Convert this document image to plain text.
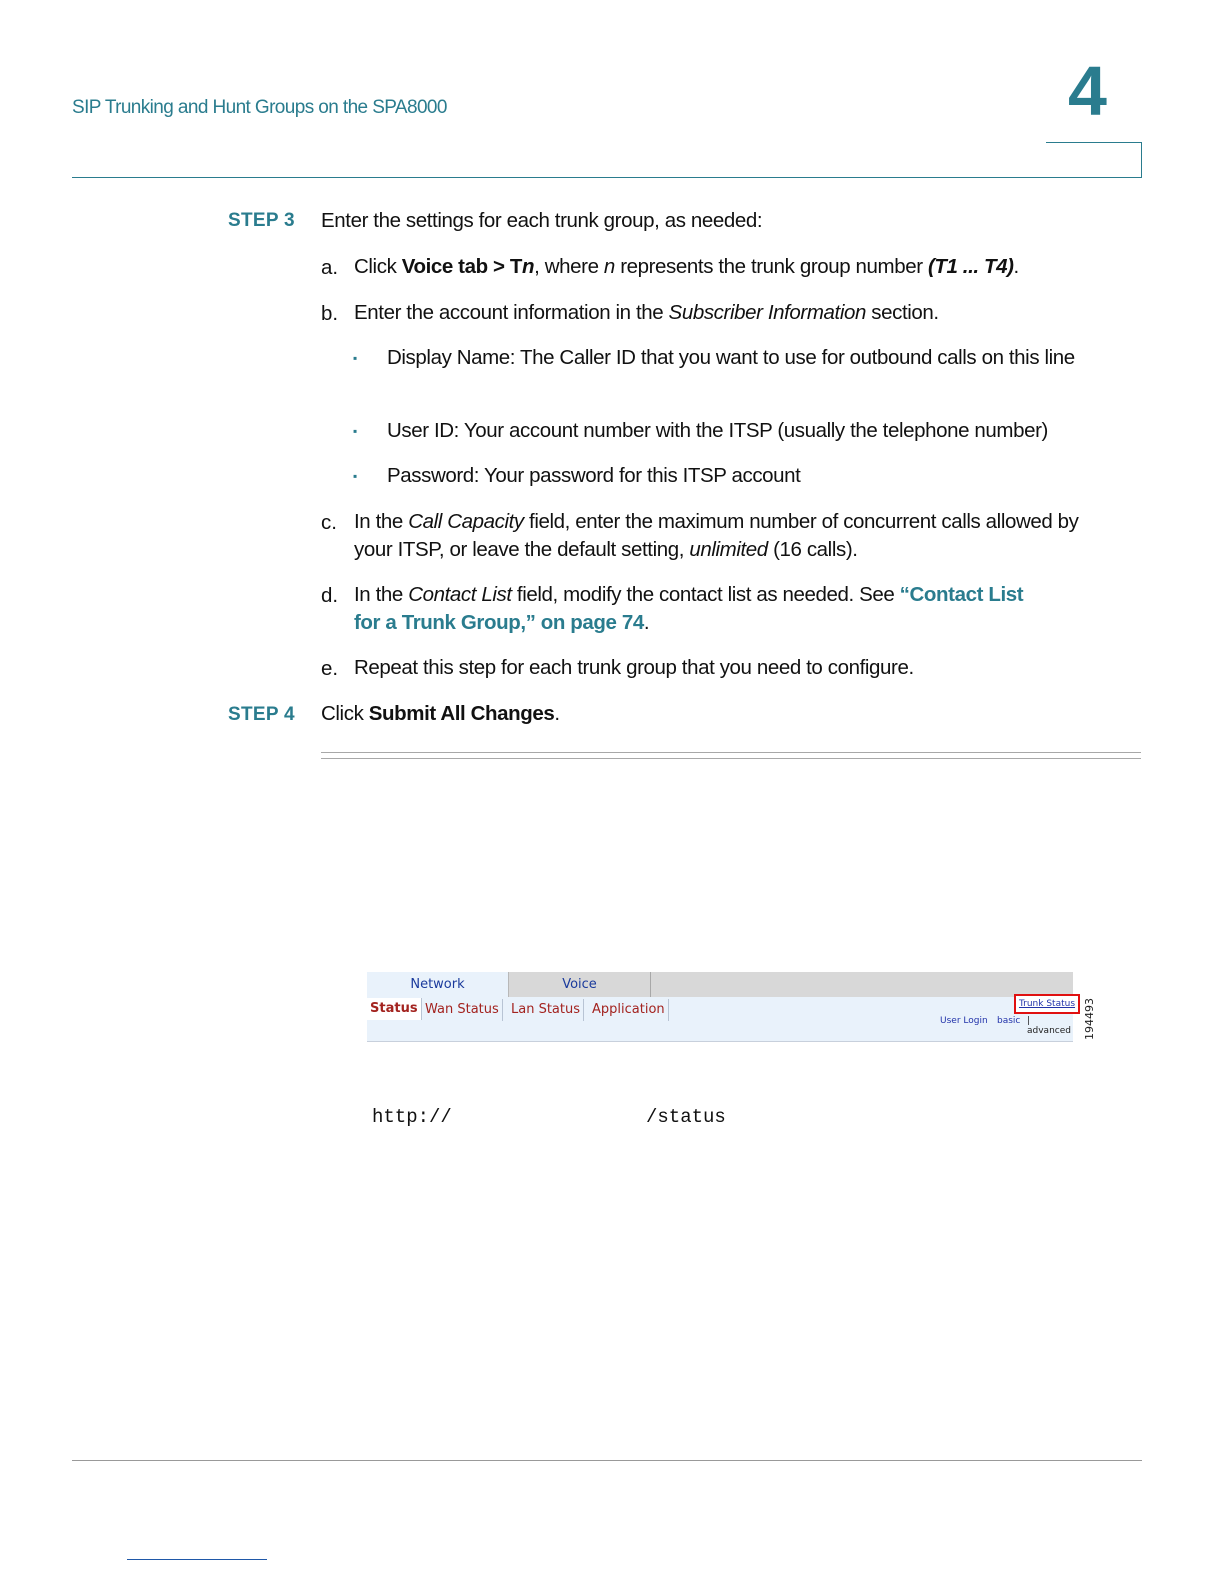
SIP Trunking and Hunt Groups on the SPA8000	4
STEP 3 Enter the settings for each trunk group, as needed:
a. Click Voice tab > Tn, where n represents the trunk group number (T1 ... T4).
b. Enter the account information in the Subscriber Information section.
▪ Display Name: The Caller ID that you want to use for outbound calls on this line
▪ User ID: Your account number with the ITSP (usually the telephone number)
▪ Password: Your password for this ITSP account
c. In the Call Capacity field, enter the maximum number of concurrent calls allowed by your ITSP, or leave the default setting, unlimited (16 calls).
d. In the Contact List field, modify the contact list as needed. See “Contact List
for a Trunk Group,” on page 74.
e. Repeat this step for each trunk group that you need to configure.
STEP 4 Click Submit All Changes.
Network	Voice
Status Wan Status Lan Status Application	Trunk Status
User Login basic | advanced	194493
http://	/status
